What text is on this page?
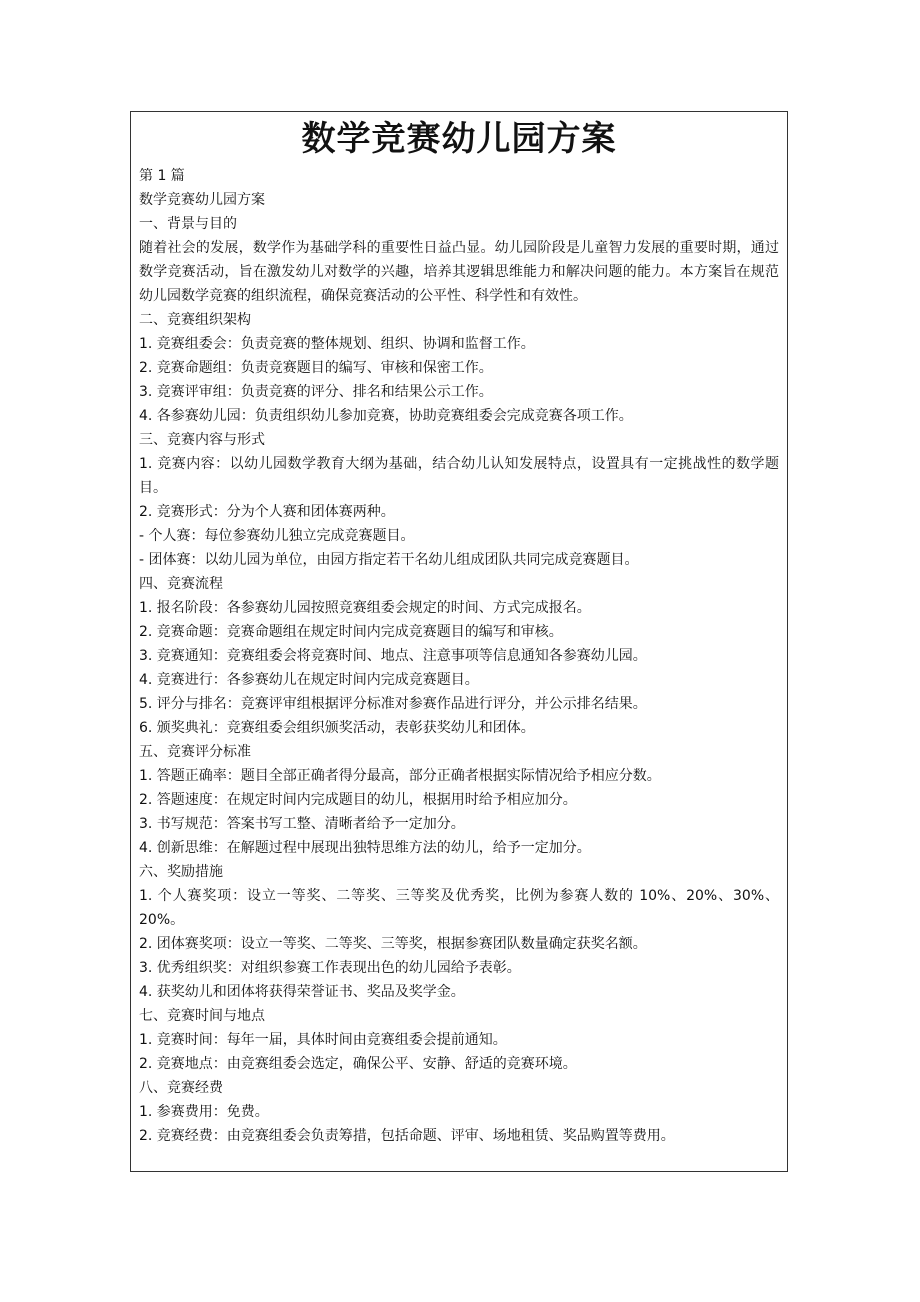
数学竞赛幼儿园方案

第 1 篇

数学竞赛幼儿园方案

一、背景与目的

随着社会的发展，数学作为基础学科的重要性日益凸显。幼儿园阶段是儿童智力发展的重要时期，通过数学竞赛活动，旨在激发幼儿对数学的兴趣，培养其逻辑思维能力和解决问题的能力。本方案旨在规范幼儿园数学竞赛的组织流程，确保竞赛活动的公平性、科学性和有效性。

二、竞赛组织架构

1. 竞赛组委会：负责竞赛的整体规划、组织、协调和监督工作。

2. 竞赛命题组：负责竞赛题目的编写、审核和保密工作。

3. 竞赛评审组：负责竞赛的评分、排名和结果公示工作。

4. 各参赛幼儿园：负责组织幼儿参加竞赛，协助竞赛组委会完成竞赛各项工作。

三、竞赛内容与形式

1. 竞赛内容：以幼儿园数学教育大纲为基础，结合幼儿认知发展特点，设置具有一定挑战性的数学题目。

2. 竞赛形式：分为个人赛和团体赛两种。

- 个人赛：每位参赛幼儿独立完成竞赛题目。

- 团体赛：以幼儿园为单位，由园方指定若干名幼儿组成团队共同完成竞赛题目。

四、竞赛流程

1. 报名阶段：各参赛幼儿园按照竞赛组委会规定的时间、方式完成报名。

2. 竞赛命题：竞赛命题组在规定时间内完成竞赛题目的编写和审核。

3. 竞赛通知：竞赛组委会将竞赛时间、地点、注意事项等信息通知各参赛幼儿园。

4. 竞赛进行：各参赛幼儿在规定时间内完成竞赛题目。

5. 评分与排名：竞赛评审组根据评分标准对参赛作品进行评分，并公示排名结果。

6. 颁奖典礼：竞赛组委会组织颁奖活动，表彰获奖幼儿和团体。

五、竞赛评分标准

1. 答题正确率：题目全部正确者得分最高，部分正确者根据实际情况给予相应分数。

2. 答题速度：在规定时间内完成题目的幼儿，根据用时给予相应加分。

3. 书写规范：答案书写工整、清晰者给予一定加分。

4. 创新思维：在解题过程中展现出独特思维方法的幼儿，给予一定加分。

六、奖励措施

1. 个人赛奖项：设立一等奖、二等奖、三等奖及优秀奖，比例为参赛人数的 10%、20%、30%、20%。

2. 团体赛奖项：设立一等奖、二等奖、三等奖，根据参赛团队数量确定获奖名额。

3. 优秀组织奖：对组织参赛工作表现出色的幼儿园给予表彰。

4. 获奖幼儿和团体将获得荣誉证书、奖品及奖学金。

七、竞赛时间与地点

1. 竞赛时间：每年一届，具体时间由竞赛组委会提前通知。

2. 竞赛地点：由竞赛组委会选定，确保公平、安静、舒适的竞赛环境。

八、竞赛经费

1. 参赛费用：免费。

2. 竞赛经费：由竞赛组委会负责筹措，包括命题、评审、场地租赁、奖品购置等费用。
